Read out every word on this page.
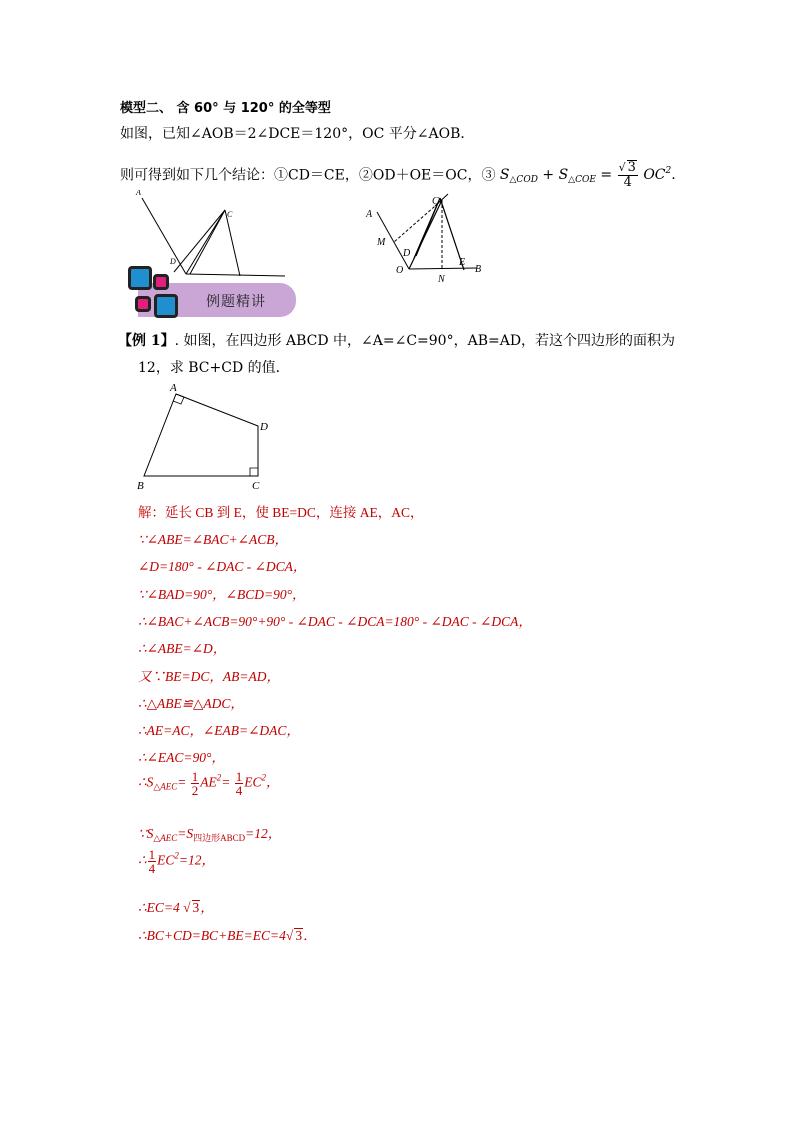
模型二、 含 60° 与 120° 的全等型
如图，已知∠AOB＝2∠DCE＝120°，OC 平分∠AOB．
则可得到如下几个结论：①CD＝CE，②OD＋OE＝OC，③ $S_{\triangle COD} + S_{\triangle COE} = \frac{√ 3}{4} OC^2$.
A
C
D
A
C
M
D
O
N
E
B
例题精讲
【例 1】. 如图，在四边形 ABCD 中，∠A=∠C=90°，AB=AD，若这个四边形的面积为
12，求 BC+CD 的值．
A
B	C
D
解：延长 CB 到 E，使 BE=DC，连接 AE，AC，
∵∠ABE=∠BAC+∠ACB，
∠D=180° - ∠DAC - ∠DCA，
∵∠BAD=90°，∠BCD=90°，
∴∠BAC+∠ACB=90°+90° - ∠DAC - ∠DCA=180° - ∠DAC - ∠DCA，
∴∠ABE=∠D，
又∵BE=DC，AB=AD，
∴△ABE≌△ADC，
∴AE=AC，∠EAB=∠DAC，
∴∠EAC=90°，
$\therefore S_{\triangle AEC}= \frac{1}{2} AE^2= \frac{1}{4} EC^2$，
$\because S_{\triangle AEC}=S_{四边形ABCD}=12$，
∴ $\frac{1}{4} EC^2=12$，
∴EC=4 √ 3，
∴BC+CD=BC+BE=EC=4√ 3．
